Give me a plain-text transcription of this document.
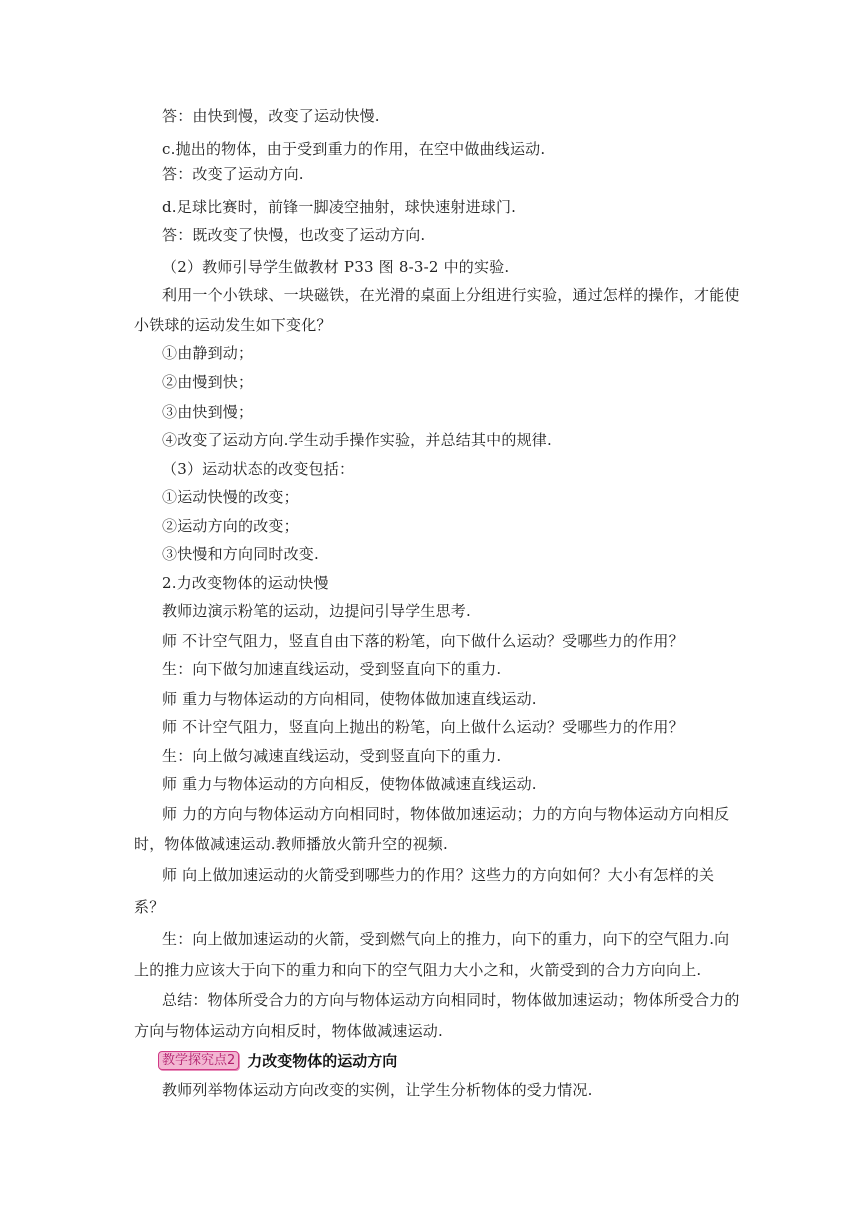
答：由快到慢，改变了运动快慢.
c.抛出的物体，由于受到重力的作用，在空中做曲线运动.
答：改变了运动方向.
d.足球比赛时，前锋一脚凌空抽射，球快速射进球门.
答：既改变了快慢，也改变了运动方向.
（2）教师引导学生做教材 P33 图 8-3-2 中的实验.
利用一个小铁球、一块磁铁，在光滑的桌面上分组进行实验，通过怎样的操作，才能使
小铁球的运动发生如下变化？
①由静到动；
②由慢到快；
③由快到慢；
④改变了运动方向.学生动手操作实验，并总结其中的规律.
（3）运动状态的改变包括：
①运动快慢的改变；
②运动方向的改变；
③快慢和方向同时改变.
2.力改变物体的运动快慢
教师边演示粉笔的运动，边提问引导学生思考.
师 不计空气阻力，竖直自由下落的粉笔，向下做什么运动？受哪些力的作用？
生：向下做匀加速直线运动，受到竖直向下的重力.
师 重力与物体运动的方向相同，使物体做加速直线运动.
师 不计空气阻力，竖直向上抛出的粉笔，向上做什么运动？受哪些力的作用？
生：向上做匀减速直线运动，受到竖直向下的重力.
师 重力与物体运动的方向相反，使物体做减速直线运动.
师 力的方向与物体运动方向相同时，物体做加速运动；力的方向与物体运动方向相反
时，物体做减速运动.教师播放火箭升空的视频.
师 向上做加速运动的火箭受到哪些力的作用？这些力的方向如何？大小有怎样的关
系？
生：向上做加速运动的火箭，受到燃气向上的推力，向下的重力，向下的空气阻力.向
上的推力应该大于向下的重力和向下的空气阻力大小之和，火箭受到的合力方向向上.
总结：物体所受合力的方向与物体运动方向相同时，物体做加速运动；物体所受合力的
方向与物体运动方向相反时，物体做减速运动.
教学探究点2 力改变物体的运动方向
教师列举物体运动方向改变的实例，让学生分析物体的受力情况.
